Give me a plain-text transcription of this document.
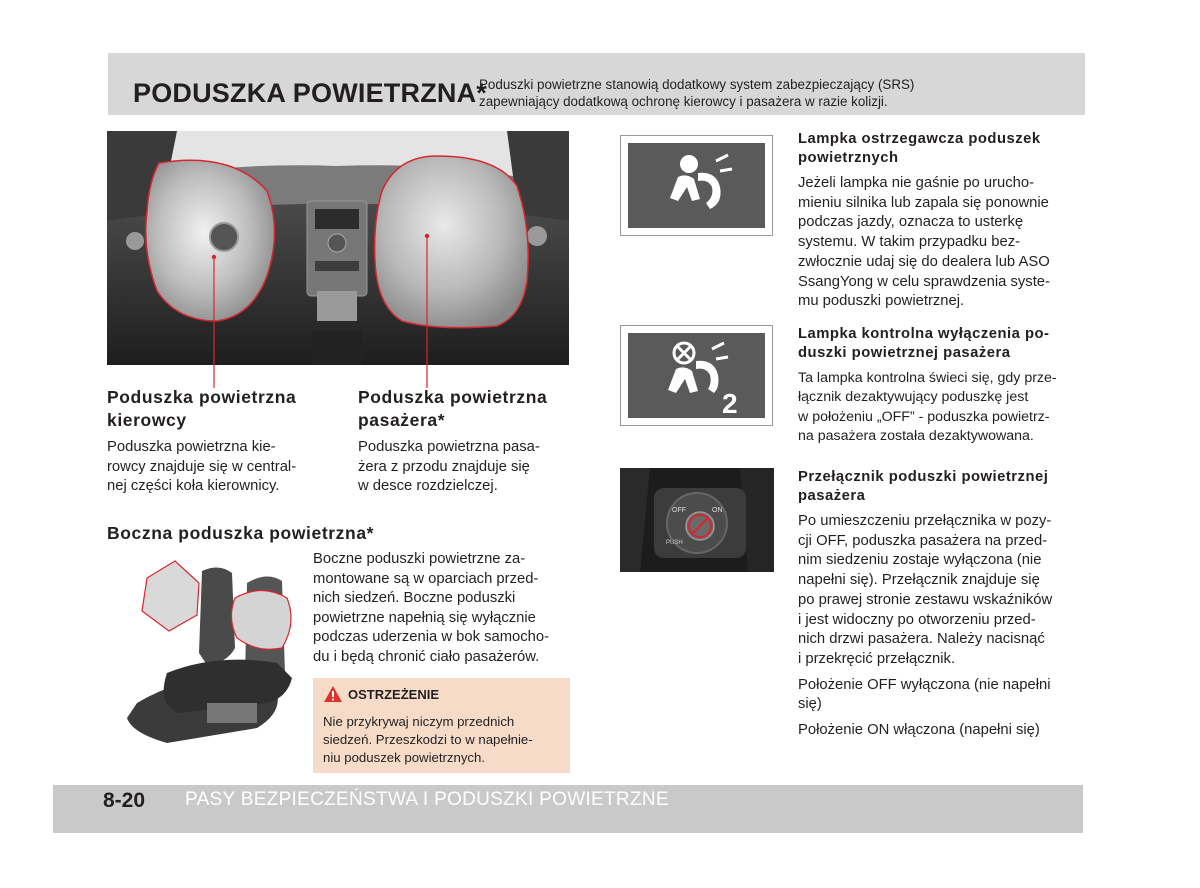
PODUSZKA POWIETRZNA*
Poduszki powietrzne stanowią dodatkowy system zabezpieczający (SRS)
zapewniający dodatkową ochronę kierowcy i pasażera w razie kolizji.
Poduszka powietrzna
kierowcy
Poduszka powietrzna kie-
rowcy znajduje się w central-
nej części koła kierownicy.
Poduszka powietrzna
pasażera*
Poduszka powietrzna pasa-
żera z przodu znajduje się
w desce rozdzielczej.
Boczna poduszka powietrzna*
Boczne poduszki powietrzne za-
montowane są w oparciach przed-
nich siedzeń. Boczne poduszki
powietrzne napełnią się wyłącznie
podczas uderzenia w bok samocho-
du i będą chronić ciało pasażerów.
OSTRZEŻENIE
Nie przykrywaj niczym przednich
siedzeń. Przeszkodzi to w napełnie-
niu poduszek powietrznych.
Lampka ostrzegawcza poduszek
powietrznych
Jeżeli lampka nie gaśnie po urucho-
mieniu silnika lub zapala się ponownie
podczas jazdy, oznacza to usterkę
systemu. W takim przypadku bez-
zwłocznie udaj się do dealera lub ASO
SsangYong w celu sprawdzenia syste-
mu poduszki powietrznej.
2
Lampka kontrolna wyłączenia po-
duszki powietrznej pasażera
Ta lampka kontrolna świeci się, gdy prze-
łącznik dezaktywujący poduszkę jest
w położeniu „OFF” - poduszka powietrz-
na pasażera została dezaktywowana.
OFF	ON
PUSH
Przełącznik poduszki powietrznej
pasażera
Po umieszczeniu przełącznika w pozy-
cji OFF, poduszka pasażera na przed-
nim siedzeniu zostaje wyłączona (nie
napełni się). Przełącznik znajduje się
po prawej stronie zestawu wskaźników
i jest widoczny po otworzeniu przed-
nich drzwi pasażera. Należy nacisnąć
i przekręcić przełącznik.
Położenie OFF wyłączona (nie napełni
się)
Położenie ON włączona (napełni się)
8-20 PASY BEZPIECZEŃSTWA I PODUSZKI POWIETRZNE
